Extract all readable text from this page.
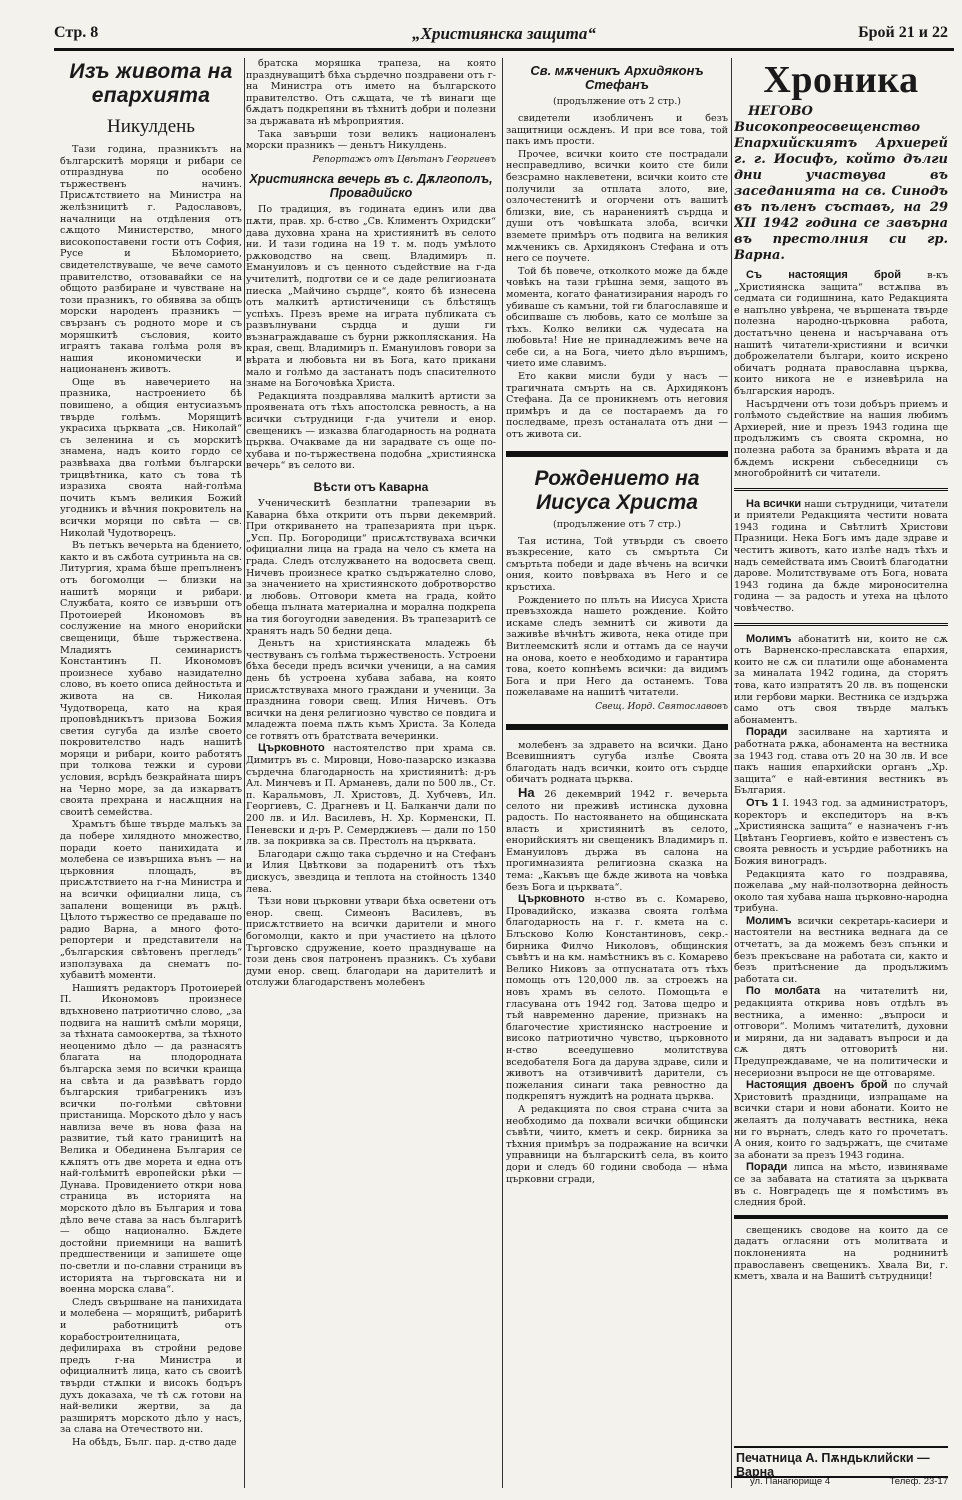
Стр. 8	„Християнска защита“	Брой 21 и 22
Изъ живота на епархията
Никулдень

Тази година, празникътъ на българскитѣ моряци и рибари се отпразднува по особено тържественъ начинъ. Присѫтствието на Министра на желѣзницитѣ г. Радославовъ, началници на отдѣления отъ сѫщото Министерство, много високопоставени гости отъ София, Русе и Бѣломорието, свидетелствуваше, че вече самото правителство, отзовавайки се на общото разбиране и чувстване на този празникъ, го обявява за общъ морски народенъ празникъ — свързанъ съ родното море и съ моряшкитѣ съсловия, които играятъ такава голѣма роля въ нашия икономически и национаненъ животъ.

Още въ навечерието на празника, настроението бѣ повишено, а общия ентусиазъмъ твърде голѣмъ. Морящитѣ украсиха църквата „св. Николай“ съ зеленина и съ морскитѣ знамена, надъ които гордо се развѣваха два голѣми български трицвѣтника, като съ това тѣ изразиха своята най-голѣма почить къмъ великия Божий угодникъ и вѣчния покровитель на всички моряци по свѣта — св. Николай Чудотворецъ.

Въ петъкъ вечерьта на бдението, както и въ сѫбота сутриньта на св. Литургия, храма бѣше препълненъ отъ богомолци — близки на нашитѣ моряци и рибари. Службата, която се извърши отъ Протоиерей Икономовъ въ сослужение на много енорийски свещеници, бѣше тържествена. Младиятъ семинаристъ Константинъ П. Икономовъ произнесе хубаво назидателно слово, въ което описа дейностьта и живота на св. Николая Чудотвореца, като на края проповѣдникътъ призова Божия светия сугуба да излѣе своето покровителство надъ нашитѣ моряци и рибари, които работятъ при толкова тежки и сурови условия, всрѣдъ безкрайната ширъ на Черно море, за да изкарватъ своята прехрана и насѫщния на своитѣ семейства.

Храмътъ бѣше твърде малъкъ за да побере хилядното множество, поради което панихидата и молебена се извършиха вънъ — на църковния площадъ, въ присѫтствието на г-на Министра и на всички официални лица, съ запалени вощеници въ рѫцѣ. Цѣлото тържество се предаваше по радио Варна, а много фото-репортери и представители на „българския свѣтовенъ прегледъ“ използуваха да снематъ по-хубавитѣ моменти.

Нашиятъ редакторъ Протоиерей П. Икономовъ произнесе вдъхновено патриотично слово, „за подвига на нашитѣ смѣли моряци, за тѣхната самоокертва, за тѣхното неоценимо дѣло — да разнасятъ благата на плодородната българска земя по всички краища на свѣта и да развѣватъ гордо българския трибагреникъ изъ всички по-голѣми свѣтовни пристанища. Морското дѣло у насъ навлиза вече въ нова фаза на развитие, тъй като границитѣ на Велика и Обединена България се кѫпятъ отъ две морета и една отъ най-голѣмитѣ европейски рѣки — Дунава. Провидението откри нова страница въ историята на морското дѣло въ България и това дѣло вече става за насъ българитѣ — общо национално. Бѫдете достойни приемници на вашитѣ предшественици и запишете още по-светли и по-славни страници въ историята на търговската ни и военна морска слава“.

Следъ свършване на панихидата и молебена — морящитѣ, рибаритѣ и работницитѣ отъ корабостроителницата, дефилираха въ стройни редове предъ г-на Министра и официалнитѣ лица, като съ своитѣ твърди стѫпки и високъ бодъръ духъ доказаха, че тѣ сѫ готови на най-велики жертви, за да разширятъ морското дѣло у насъ, за слава на Отечеството ни.

На обѣдъ, Бълг. пар. д-ство даде

братска моряшка трапеза, на която празднуващитѣ бѣха сърдечно поздравени отъ г-на Министра отъ името на българското правителство. Отъ сѫщата, че тѣ винаги ще бѫдатъ подкрепяни въ тѣхнитѣ добри и полезни за държавата нѣ мѣроприятия.

Така завърши този великъ националенъ морски празникъ — деньтъ Никулдень.

Репортажъ отъ Цвѣтанъ Георгиевъ

Християнска вечерь въ с. Дѫлгополъ, Провадийско

По традиция, въ годината единъ или два пѫти, прав. хр. б-ство „Св. Климентъ Охридски“ дава духовна храна на християнитѣ въ селото ни. И тази година на 19 т. м. подъ умѣлото рѫководство на свещ. Владимиръ п. Емануиловъ и съ ценното съдействие на г-да учителитѣ, подготви се и се даде религиозната пиеска „Майчино сърдце“, която бѣ изнесена отъ малкитѣ артистиченици съ блѣстящъ успѣхъ. Презъ време на играта публиката съ развълнувани сърдца и души ги възнаграждаваше съ бурни ржкопляскания. На края, свещ. Владимиръ п. Емануиловъ говори за вѣрата и любовьта ни въ Бога, като прикани мало и голѣмо да застанатъ подъ спасителното знаме на Богочовѣка Христа.

Редакцията поздравлява малкитѣ артисти за проявената отъ тѣхъ апостолска ревность, а на всички сътрудници г-да учители и енор. свещеникъ — изказва благодарность на родната църква. Очакваме да ни зарадвате съ още по-хубава и по-тържествена подобна „християнска вечерь“ въ селото ви.

Вѣсти отъ Каварна

Ученическитѣ безплатни трапезарии въ Каварна бѣха открити отъ първи декемврий. При откриването на трапезарията при църк. „Усп. Пр. Богородици“ присѫтствуваха всички официални лица на града на чело съ кмета на града. Следъ отслужването на водосвета свещ. Ничевъ произнесе кратко съдържателно слово, за значението на християнското добротворство и любовь. Отговори кмета на града, който обеща пълната материална и морална подкрепа на тия богоугодни заведения. Въ трапезаритѣ се хранятъ надъ 50 бедни деца.

Деньтъ на християнската младежь бѣ чествуванъ съ голѣма тържественость. Устроени бѣха беседи предъ всички ученици, а на самия день бѣ устроена хубава забава, на която присѫтствуваха много граждани и ученици. За празднина говори свещ. Илия Ничевъ. Отъ всички на деня религиозно чувство се повдига и младежта поема пѫть къмъ Христа. За Коледа се готвятъ отъ братствата вечеринки.

Църковното настоятелство при храма св. Димитръ въ с. Мировци, Ново-пазарско изказва сърдечна благодарность на християнитѣ: д-ръ Ал. Минчевъ и П. Арманевъ, дали по 500 лв., Ст. п. Каральмовъ, Л. Христовъ, Д. Хубчевъ, Ил. Георгиевъ, С. Драгневъ и Ц. Балканчи дали по 200 лв. и Ил. Василевъ, Н. Хр. Корменски, П. Пеневски и д-ръ Р. Семерджиевъ — дали по 150 лв. за покривка за св. Престолъ на църквата.

Благодари сѫщо така сърдечно и на Стефанъ и Илия Цвѣткови за подаренитѣ отъ тѣхъ дискусъ, звездица и теплота на стойность 1340 лева.

Тѣзи нови църковни утвари бѣха осветени отъ енор. свещ. Симеонъ Василевъ, въ присѫтствието на всички дарители и много богомолци, както и при участието на цѣлото Търговско сдружение, което празднуваше на този день своя патроненъ празникъ. Съ хубави думи енор. свещ. благодари на дарителитѣ и отслужи благодарственъ молебенъ

Св. мѫченикъ Архидяконъ Стефанъ
(продължение отъ 2 стр.)

свидетели изобличенъ и безъ защитници осѫденъ. И при все това, той пакъ имъ прости.

Прочее, всички които сте пострадали несправедливо, всички които сте били безсрамно наклеветени, всички които сте получили за отплата злото, вие, озлочестенитѣ и огорчени отъ вашитѣ близки, вие, съ наранениятѣ сърдца и души отъ човѣшката злоба, всички вземете примѣръ отъ подвига на великия мѫченикъ св. Архидяконъ Стефана и отъ него се поучете.

Той бѣ повече, отколкото може да бѫде човѣкъ на тази грѣшна земя, защото въ момента, когато фанатизирания народъ го убиваше съ камъни, той ги благославяше и обсипваше съ любовь, като се молѣше за тѣхъ. Колко велики сѫ чудесата на любовьта! Ние не принадлежимъ вече на себе си, а на Бога, чието дѣло вършимъ, чието име славимъ.

Ето какви мисли буди у насъ — трагичната смърть на св. Архидяконъ Стефана. Да се проникнемъ отъ неговия примѣръ и да се постараемъ да го последваме, презъ останалата отъ дни — отъ живота си.

Рождението на Иисуса Христа
(продължение отъ 7 стр.)

Тая истина, Той утвърди съ своето възкресение, като съ смъртьта Си смъртьта победи и даде вѣчень на всички ония, които повѣрваха въ Него и се кръстиха.

Рождението по плъть на Иисуса Христа превъзхожда нашето рождение. Който искаме следъ земнитѣ си животи да заживѣе вѣчнѣтъ живота, нека отиде при Витлеемскитѣ ясли и оттамъ да се научи на онова, което е необходимо и гарантира това, което копнѣемъ всички: да видимъ Бога и при Него да останемъ. Това пожелаваме на нашитѣ читатели.

Свещ. Иорд. Святославовъ

молебенъ за здравето на всички. Дано Всевишниятъ сугуба излѣе Своята благодать надъ всички, които отъ сърдце обичатъ родната църква.

На 26 декемврий 1942 г. вечерьта селото ни преживѣ истинска духовна радость. По настояването на общинската власть и християнитѣ въ селото, енорийскиятъ ни свещеникъ Владимиръ п. Емануиловъ държа въ салона на прогимназията религиозна сказка на тема: „Какъвъ ще бѫде живота на човѣка безъ Бога и църквата“.

Църковното н-ство въ с. Комарево, Провадийско, изказва своята голѣма благодарность на г. г. кмета на с. Блъсково Колю Константиновъ, секр.-бирника Филчо Николовъ, общинския съвѣтъ и на км. намѣстникъ въ с. Комарево Велико Никовъ за отпуснатата отъ тѣхъ помощь отъ 120,000 лв. за строежъ на новъ храмъ въ селото. Помощьта е гласувана отъ 1942 год. Затова щедро и тъй навременно дарение, признакъ на благочестие християнско настроение и високо патриотично чувство, църковното н-ство всеедушевно молитствува вседобателя Бога да дарува здраве, сили и животъ на отзивчивитѣ дарители, съ пожелания синаги така ревностно да подкрепятъ нуждитѣ на родната църква.

А редакцията по своя страна счита за необходимо да похвали всички общински съвѣти, чиито, кметъ и секр. бирника за тѣхния примѣръ за подражание на всички управници на българскитѣ села, въ които дори и следъ 60 години свобода — нѣма църковни сгради,

Хроника

НЕГОВО Високопреосвещенство Епархийскиятъ Архиерей г. г. Иосифъ, който дълги дни участвува въ заседанията на св. Синодъ въ пъленъ съставъ, на 29 XII 1942 година се завърна въ престолния си гр. Варна.

Съ настоящия брой	в-къ „Християнска защита“ встѫпва въ седмата си годишнина, като Редакцията е напълно увѣрена, че вършената твърде полезна народно-църковна работа, достатъчно ценена и насърчавана отъ нашитѣ читатели-християни и всички доброжелатели българи, които искрено обичатъ родната православна църква, които никога не е изневѣрила на българския народъ.

Насърдчени отъ този добъръ приемъ и голѣмото съдействие на нашия любимъ Архиерей, ние и презъ 1943 година ще продължимъ съ своята скромна, но полезна работа за бранимъ вѣрата и да бѫдемъ искрени събеседници съ многобройнитѣ си читатели.

На всички наши сътрудници, читатели и приятели Редакцията честити новата 1943 година и Свѣтлитѣ Христови Празници. Нека Богъ имъ даде здраве и честитъ животъ, като излѣе надъ тѣхъ и надъ семействата имъ Своитѣ благодатни дарове. Молитствуваме отъ Бога, новата 1943 година да бѫде мироносителна година — за радость и утеха на цѣлото човѣчество.

Молимъ абонатитѣ ни, които не сѫ отъ Варненско-преславската епархия, които не сѫ си платили още абонамента за миналата 1942 година, да сторятъ това, като изпратятъ 20 лв. въ пощенски или гербови марки. Вестника се издържа само отъ своя твърде малъкъ абонаментъ.

Поради засилване на хартията и работната рѫка, абонамента на вестника за 1943 год. става отъ 20 на 30 лв. И все пакъ нашия епархийски органъ „Хр. защита“ е най-евтиния вестникъ въ България.

Отъ 1 I. 1943 год. за администраторъ, коректоръ и експедиторъ на в-къ „Християнска защита“ е назначенъ г-нъ Цвѣтанъ Георгиевъ, който е известенъ съ своята ревность и усърдие работникъ на Божия виноградъ.

Редакцията като го поздравява, пожелава „му най-ползотворна дейность около тая хубава наша църковно-народна трибуна.

Молимъ всички секретарь-касиери и настоятели на вестника веднага да се отчетатъ, за да можемъ безъ спънки и безъ прекъсване на работата си, както и безъ притѣснение да продължимъ работата си.

По молбата на читателитѣ ни, редакцията открива новъ отдѣлъ въ вестника, а именно: „въпроси и отговори“. Молимъ читателитѣ, духовни и миряни, да ни задаватъ въпроси и да сѫ дятъ отговоритѣ ни. Предупреждаваме, че на политически и несериозни въпроси не ще отговаряме.

Настоящия двоенъ брой по случай Христовитѣ праздници, изпращаме на всички стари и нови абонати. Които не желаятъ да получаватъ вестника, нека ни го върнатъ, следъ като го прочетатъ. А ония, които го задържатъ, ще считаме за абонати за презъ 1943 година.

Поради липса на мѣсто, извиняваме се за забавата на статията за църквата въ с. Новградецъ ще я помѣстимъ въ следния брой.

свещеникъ сводове на които да се дадатъ огласяни отъ молитвата и поклоненията на роднинитѣ православенъ свещеникъ. Хвала Ви, г. кметъ, хвала и на Вашитѣ сътрудници!

Печатница А. Пѫндьклийски — Варна
ул. Панагюрище 4	Телеф. 23-17
